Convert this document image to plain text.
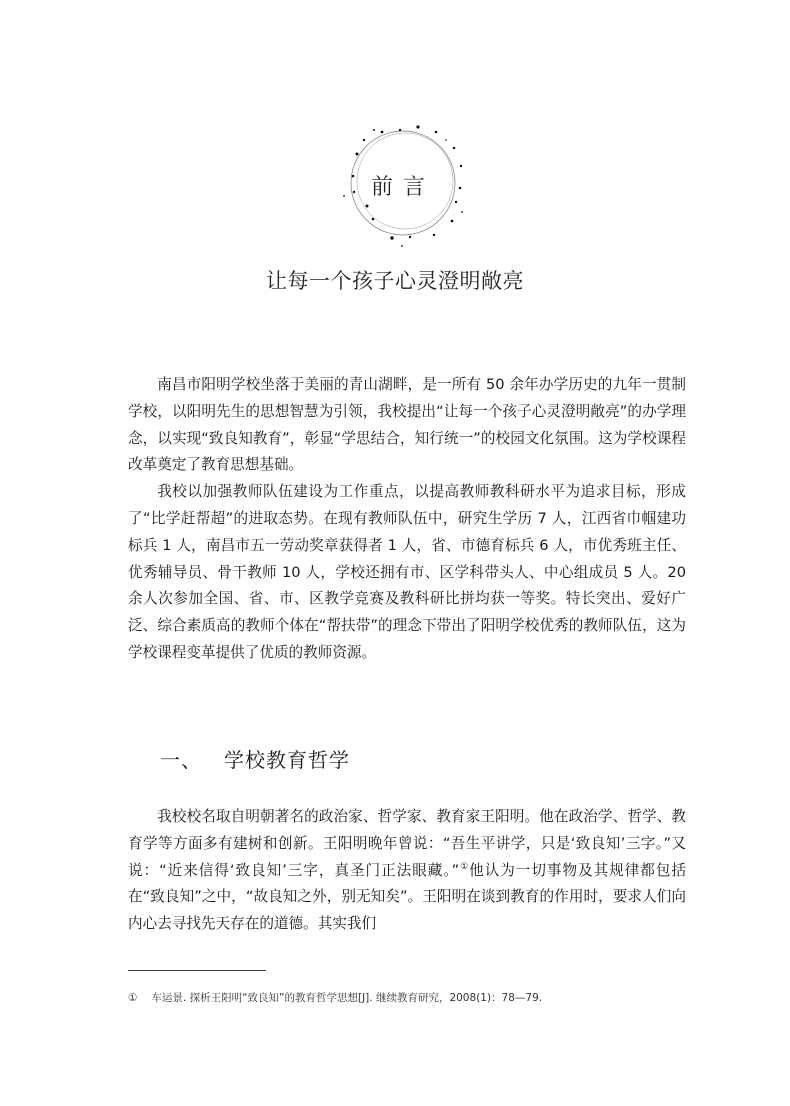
前言
让每一个孩子心灵澄明敞亮

南昌市阳明学校坐落于美丽的青山湖畔，是一所有 50 余年办学历史的九年一贯制学校，以阳明先生的思想智慧为引领，我校提出“让每一个孩子心灵澄明敞亮”的办学理念，以实现“致良知教育”，彰显“学思结合，知行统一”的校园文化氛围。这为学校课程改革奠定了教育思想基础。

我校以加强教师队伍建设为工作重点，以提高教师教科研水平为追求目标，形成了“比学赶帮超”的进取态势。在现有教师队伍中，研究生学历 7 人，江西省巾帼建功标兵 1 人，南昌市五一劳动奖章获得者 1 人，省、市德育标兵 6 人，市优秀班主任、优秀辅导员、骨干教师 10 人，学校还拥有市、区学科带头人、中心组成员 5 人。20 余人次参加全国、省、市、区教学竞赛及教科研比拼均获一等奖。特长突出、爱好广泛、综合素质高的教师个体在“帮扶带”的理念下带出了阳明学校优秀的教师队伍，这为学校课程变革提供了优质的教师资源。

一、 学校教育哲学

我校校名取自明朝著名的政治家、哲学家、教育家王阳明。他在政治学、哲学、教育学等方面多有建树和创新。王阳明晚年曾说：“吾生平讲学，只是‘致良知’三字。”又说：“近来信得‘致良知’三字，真圣门正法眼藏。”①他认为一切事物及其规律都包括在“致良知”之中，“故良知之外，别无知矣”。王阳明在谈到教育的作用时，要求人们向内心去寻找先天存在的道德。其实我们

① 车运景. 探析王阳明“致良知”的教育哲学思想[J]. 继续教育研究，2008(1)：78—79.
